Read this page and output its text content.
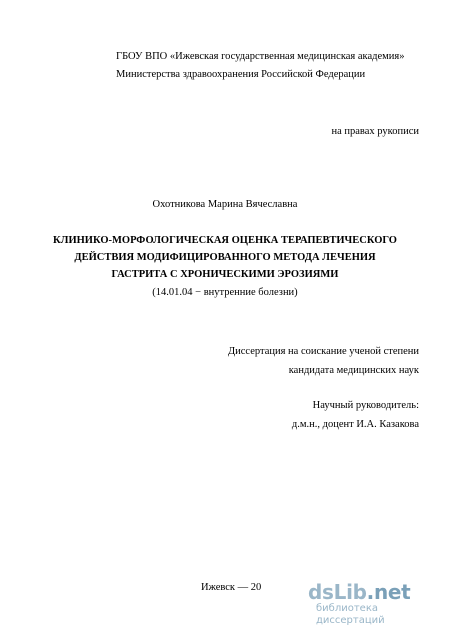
ГБОУ ВПО «Ижевская государственная медицинская академия»
Министерства здравоохранения Российской Федерации
на правах рукописи
Охотникова Марина Вячеславна
КЛИНИКО-МОРФОЛОГИЧЕСКАЯ ОЦЕНКА ТЕРАПЕВТИЧЕСКОГО
ДЕЙСТВИЯ МОДИФИЦИРОВАННОГО МЕТОДА ЛЕЧЕНИЯ
ГАСТРИТА С ХРОНИЧЕСКИМИ ЭРОЗИЯМИ
(14.01.04 − внутренние болезни)
Диссертация на соискание ученой степени
кандидата медицинских наук
Научный руководитель:
д.м.н., доцент И.А. Казакова
Ижевск — 20 dsLib.net
библиотека диссертаций
